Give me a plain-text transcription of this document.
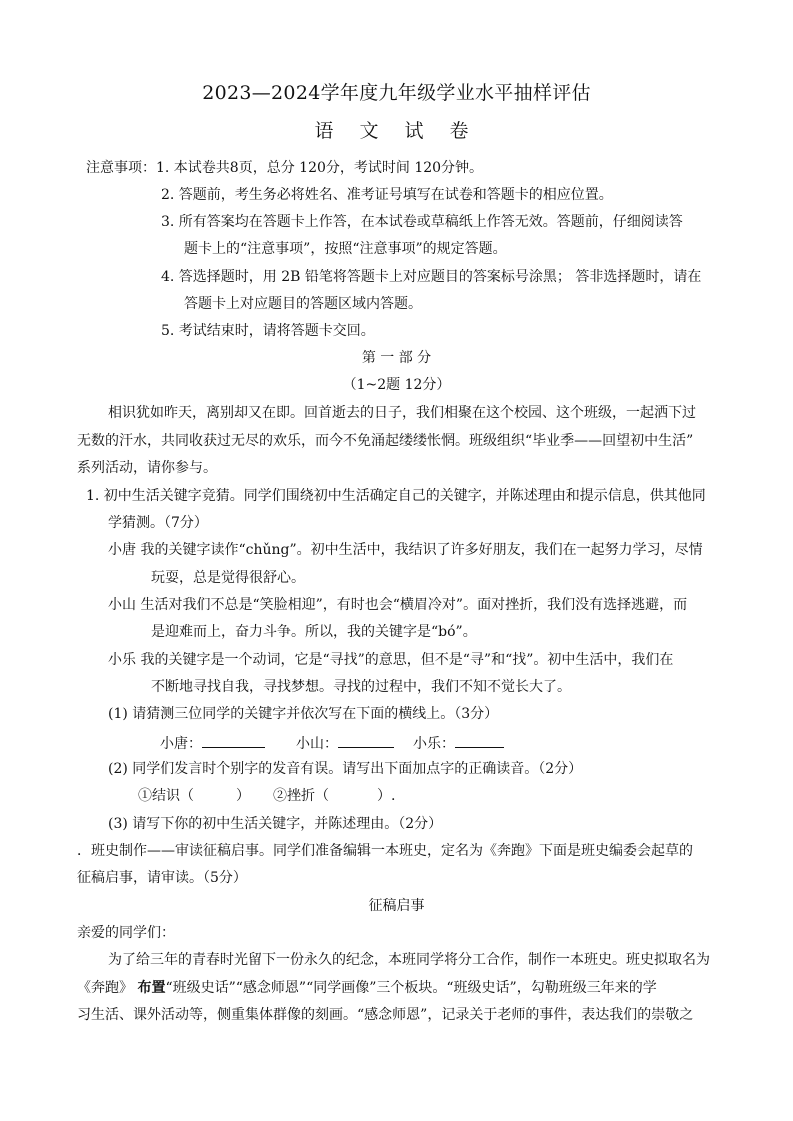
2023—2024学年度九年级学业水平抽样评估
语 文 试 卷
注意事项：1. 本试卷共8页，总分 120分，考试时间 120分钟。
2. 答题前，考生务必将姓名、准考证号填写在试卷和答题卡的相应位置。
3. 所有答案均在答题卡上作答，在本试卷或草稿纸上作答无效。答题前，仔细阅读答
题卡上的“注意事项”，按照“注意事项”的规定答题。
4. 答选择题时，用 2B 铅笔将答题卡上对应题目的答案标号涂黑； 答非选择题时，请在
答题卡上对应题目的答题区域内答题。
5. 考试结束时，请将答题卡交回。
第 一 部 分
（1~2题 12分）
相识犹如昨天，离别却又在即。回首逝去的日子，我们相聚在这个校园、这个班级，一起洒下过
无数的汗水，共同收获过无尽的欢乐，而今不免涌起缕缕怅惘。班级组织“毕业季——回望初中生活”
系列活动，请你参与。
1. 初中生活关键字竞猜。同学们围绕初中生活确定自己的关键字，并陈述理由和提示信息，供其他同
学猜测。（7分）
小唐 我的关键字读作“chǔng”。初中生活中，我结识了许多好朋友，我们在一起努力学习，尽情
玩耍，总是觉得很舒心。
小山 生活对我们不总是“笑脸相迎”，有时也会“横眉冷对”。面对挫折，我们没有选择逃避，而
是迎难而上，奋力斗争。所以，我的关键字是“bó”。
小乐 我的关键字是一个动词，它是“寻找”的意思，但不是“寻”和“找”。初中生活中，我们在
不断地寻找自我，寻找梦想。寻找的过程中，我们不知不觉长大了。
(1) 请猜测三位同学的关键字并依次写在下面的横线上。（3分）
小唐：	小山：	小乐：
(2) 同学们发言时个别字的发音有误。请写出下面加点字的正确读音。（2分）
①结识（	） ②挫折（	）.
(3) 请写下你的初中生活关键字，并陈述理由。（2分）
．班史制作——审读征稿启事。同学们准备编辑一本班史，定名为《奔跑》下面是班史编委会起草的
征稿启事，请审读。（5分）
征稿启事
亲爱的同学们：
为了给三年的青春时光留下一份永久的纪念，本班同学将分工合作，制作一本班史。班史拟取名为
《奔跑》 布置“班级史话”“感念师恩”“同学画像”三个板块。“班级史话”，勾勒班级三年来的学
习生活、课外活动等，侧重集体群像的刻画。“感念师恩”，记录关于老师的事件，表达我们的崇敬之
